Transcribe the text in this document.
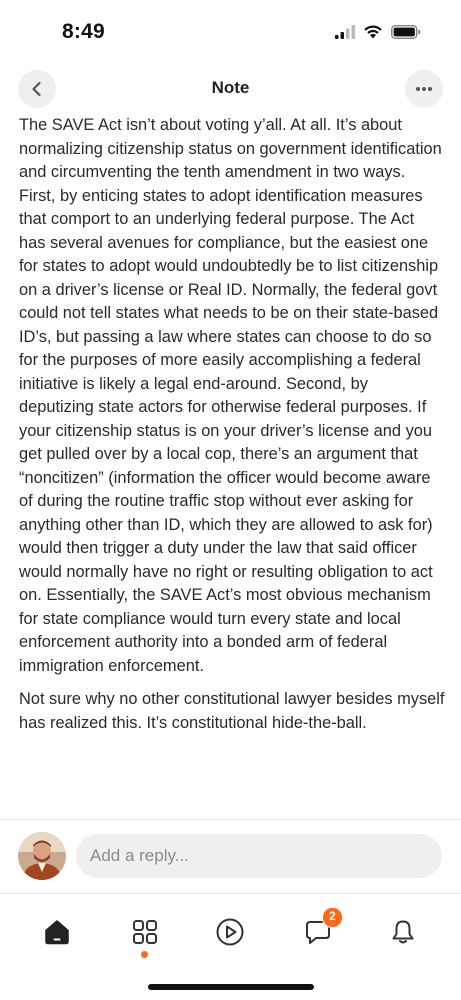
8:49
Note

The SAVE Act isn’t about voting y’all. At all. It’s about normalizing citizenship status on government identification and circumventing the tenth amendment in two ways. First, by enticing states to adopt identification measures that comport to an underlying federal purpose. The Act has several avenues for compliance, but the easiest one for states to adopt would undoubtedly be to list citizenship on a driver’s license or Real ID. Normally, the federal govt could not tell states what needs to be on their state-based ID’s, but passing a law where states can choose to do so for the purposes of more easily accomplishing a federal initiative is likely a legal end-around. Second, by deputizing state actors for otherwise federal purposes. If your citizenship status is on your driver’s license and you get pulled over by a local cop, there’s an argument that “noncitizen” (information the officer would become aware of during the routine traffic stop without ever asking for anything other than ID, which they are allowed to ask for) would then trigger a duty under the law that said officer would normally have no right or resulting obligation to act on. Essentially, the SAVE Act’s most obvious mechanism for state compliance would turn every state and local enforcement authority into a bonded arm of federal immigration enforcement.

Not sure why no other constitutional lawyer besides myself has realized this. It’s constitutional hide-the-ball.

Add a reply...
2
